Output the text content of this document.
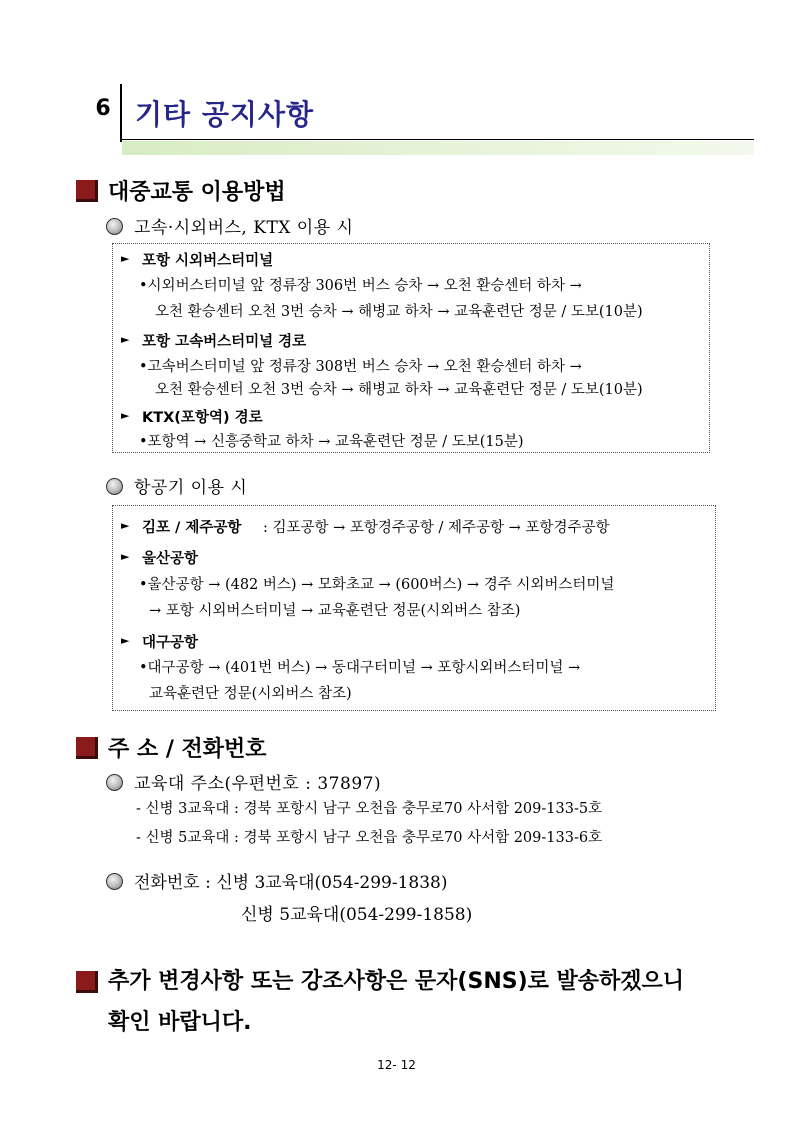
6 기타 공지사항
대중교통 이용방법
고속·시외버스, KTX 이용 시
► 포항 시외버스터미널
•시외버스터미널 앞 정류장 306번 버스 승차 → 오천 환승센터 하차 →
오천 환승센터 오천 3번 승차 → 해병교 하차 → 교육훈련단 정문 / 도보(10분)
► 포항 고속버스터미널 경로
•고속버스터미널 앞 정류장 308번 버스 승차 → 오천 환승센터 하차 →
오천 환승센터 오천 3번 승차 → 해병교 하차 → 교육훈련단 정문 / 도보(10분)
► KTX(포항역) 경로
•포항역 → 신흥중학교 하차 → 교육훈련단 정문 / 도보(15분)
항공기 이용 시
► 김포 / 제주공항 : 김포공항 → 포항경주공항 / 제주공항 → 포항경주공항
► 울산공항
•울산공항 → (482 버스) → 모화초교 → (600버스) → 경주 시외버스터미널
→ 포항 시외버스터미널 → 교육훈련단 정문(시외버스 참조)
► 대구공항
•대구공항 → (401번 버스) → 동대구터미널 → 포항시외버스터미널 →
교육훈련단 정문(시외버스 참조)
주 소 / 전화번호
교육대 주소(우편번호 : 37897)
- 신병 3교육대 : 경북 포항시 남구 오천읍 충무로70 사서함 209-133-5호
- 신병 5교육대 : 경북 포항시 남구 오천읍 충무로70 사서함 209-133-6호
전화번호 : 신병 3교육대(054-299-1838)
신병 5교육대(054-299-1858)
추가 변경사항 또는 강조사항은 문자(SNS)로 발송하겠으니
확인 바랍니다.
12- 12
